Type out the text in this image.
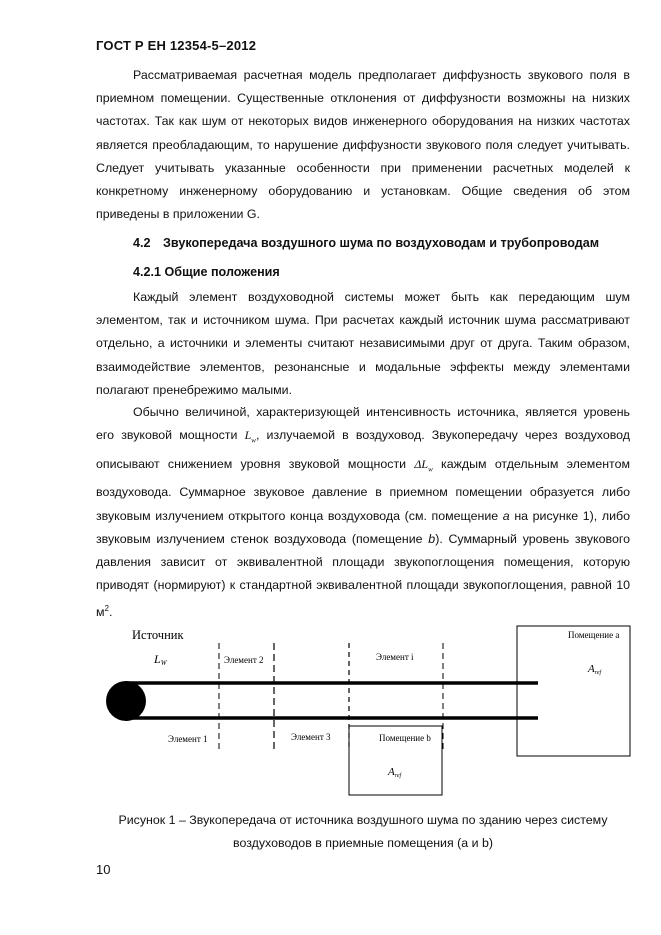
ГОСТ Р ЕН 12354-5–2012

Рассматриваемая расчетная модель предполагает диффузность звукового поля в приемном помещении. Существенные отклонения от диффузности возможны на низких частотах. Так как шум от некоторых видов инженерного оборудования на низких частотах является преобладающим, то нарушение диффузности звукового поля следует учитывать. Следует учитывать указанные особенности при применении расчетных моделей к конкретному инженерному оборудованию и установкам. Общие сведения об этом приведены в приложении G.

4.2 Звукопередача воздушного шума по воздуховодам и трубопроводам
4.2.1 Общие положения

Каждый элемент воздуховодной системы может быть как передающим шум элементом, так и источником шума. При расчетах каждый источник шума рассматривают отдельно, а источники и элементы считают независимыми друг от друга. Таким образом, взаимодействие элементов, резонансные и модальные эффекты между элементами полагают пренебрежимо малыми.

Обычно величиной, характеризующей интенсивность источника, является уровень его звуковой мощности $L_w$, излучаемой в воздуховод. Звукопередачу через воздуховод описывают снижением уровня звуковой мощности $\Delta L_w$ каждым отдельным элементом воздуховода. Суммарное звуковое давление в приемном помещении образуется либо звуковым излучением открытого конца воздуховода (см. помещение a на рисунке 1), либо звуковым излучением стенок воздуховода (помещение b). Суммарный уровень звукового давления зависит от эквивалентной площади звукопоглощения помещения, которую приводят (нормируют) к стандартной эквивалентной площади звукопоглощения, равной 10 $м^2$.

Источник
LW	Элемент 2	Элемент i
Элемент 1	Элемент 3	Помещение b
Aref
Помещение a
Aref
Рисунок 1 – Звукопередача от источника воздушного шума по зданию через систему
воздуховодов в приемные помещения (a и b)
10
